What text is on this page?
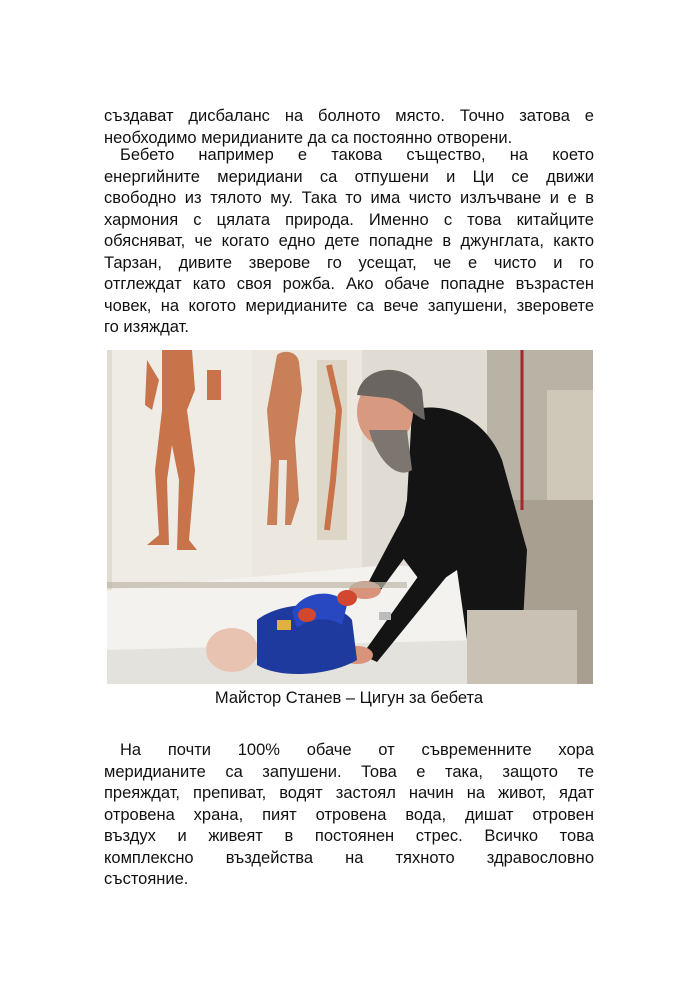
създават дисбаланс на болното място. Точно затова е
необходимо меридианите да са постоянно отворени.

Бебето например е такова същество, на което
енергийните меридиани са отпушени и Ци се движи
свободно из тялото му. Така то има чисто излъчване и е в
хармония с цялата природа. Именно с това китайците
обясняват, че когато едно дете попадне в джунглата, както
Тарзан, дивите зверове го усещат, че е чисто и го
отглеждат като своя рожба. Ако обаче попадне възрастен
човек, на когото меридианите са вече запушени, зверовете
го изяждат.

Майстор Станев – Цигун за бебета

На почти 100% обаче от съвременните хора
меридианите са запушени. Това е така, защото те
преяждат, препиват, водят застоял начин на живот, ядат
отровена храна, пият отровена вода, дишат отровен
въздух и живеят в постоянен стрес. Всичко това
комплексно въздейства на тяхното здравословно
състояние.
